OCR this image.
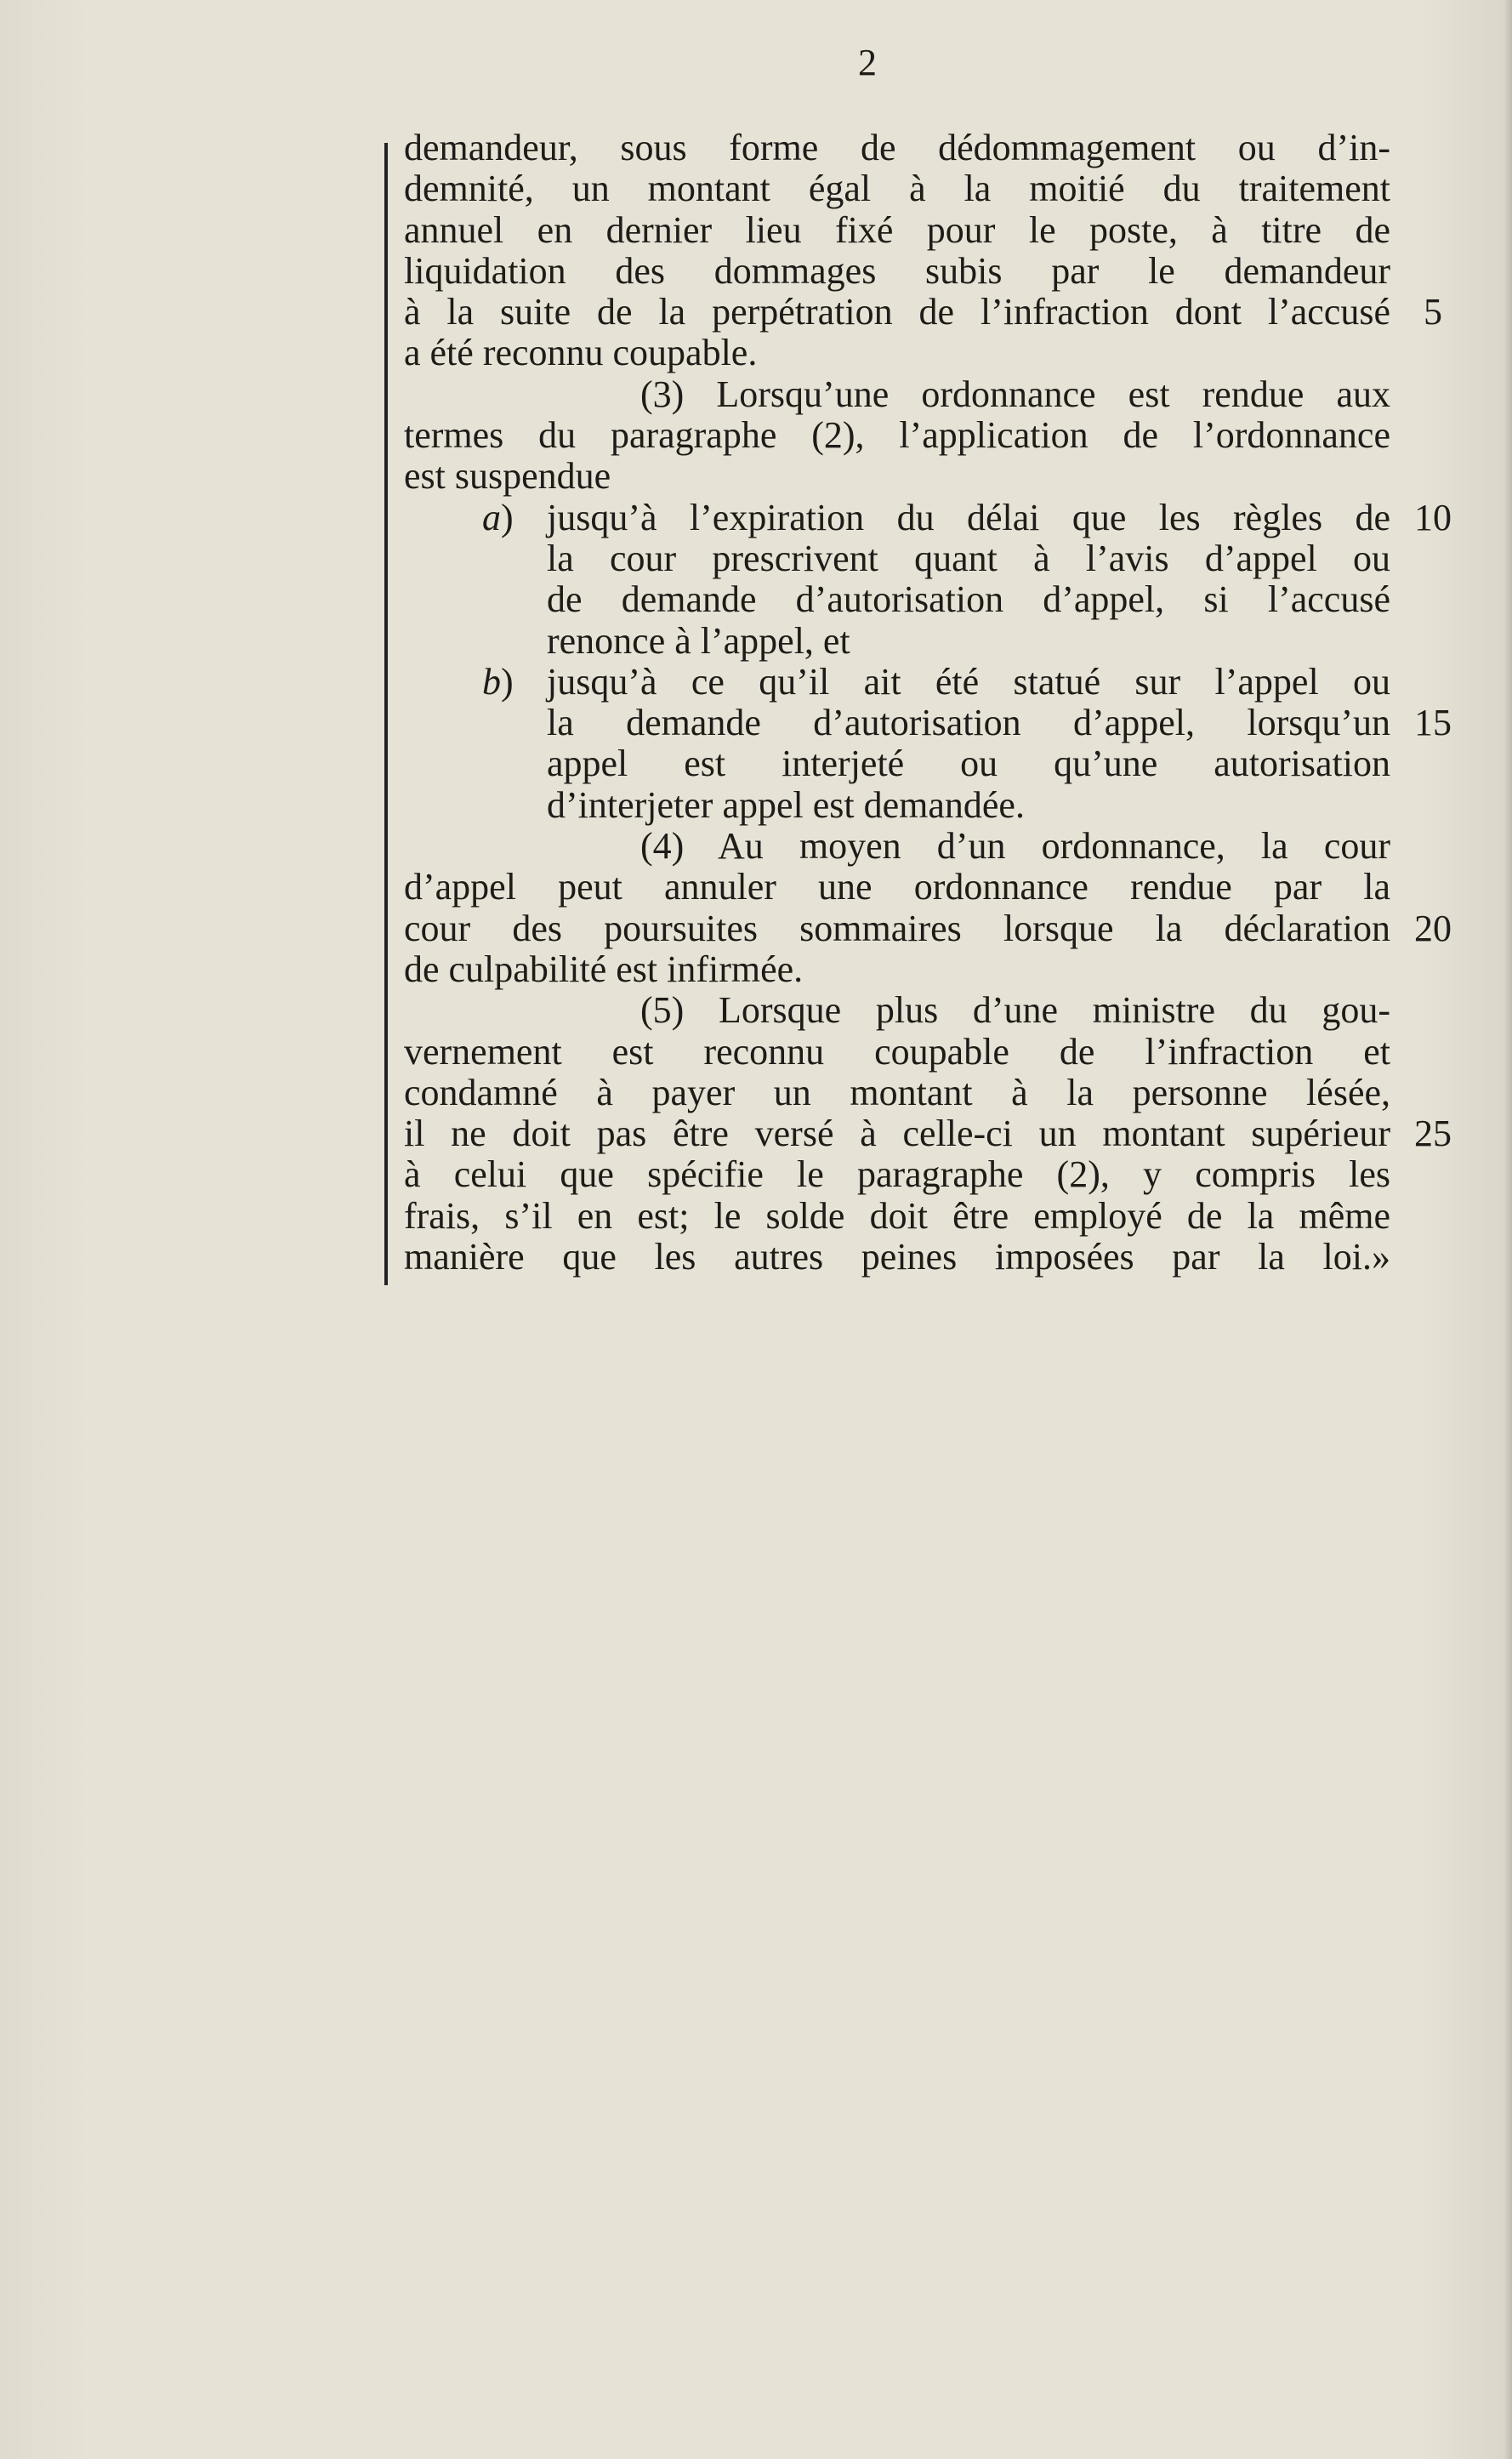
2
demandeur, sous forme de dédommagement ou d’in-
demnité, un montant égal à la moitié du traitement
annuel en dernier lieu fixé pour le poste, à titre de
liquidation des dommages subis par le demandeur
à la suite de la perpétration de l’infraction dont l’accusé 5
a été reconnu coupable.
(3) Lorsqu’une ordonnance est rendue aux
termes du paragraphe (2), l’application de l’ordonnance
est suspendue
a) jusqu’à l’expiration du délai que les règles de 10
la cour prescrivent quant à l’avis d’appel ou
de demande d’autorisation d’appel, si l’accusé
renonce à l’appel, et
b) jusqu’à ce qu’il ait été statué sur l’appel ou
la demande d’autorisation d’appel, lorsqu’un 15
appel est interjeté ou qu’une autorisation
d’interjeter appel est demandée.
(4) Au moyen d’un ordonnance, la cour
d’appel peut annuler une ordonnance rendue par la
cour des poursuites sommaires lorsque la déclaration 20
de culpabilité est infirmée.
(5) Lorsque plus d’une ministre du gou-
vernement est reconnu coupable de l’infraction et
condamné à payer un montant à la personne lésée,
il ne doit pas être versé à celle-ci un montant supérieur 25
à celui que spécifie le paragraphe (2), y compris les
frais, s’il en est; le solde doit être employé de la même
manière que les autres peines imposées par la loi.»
